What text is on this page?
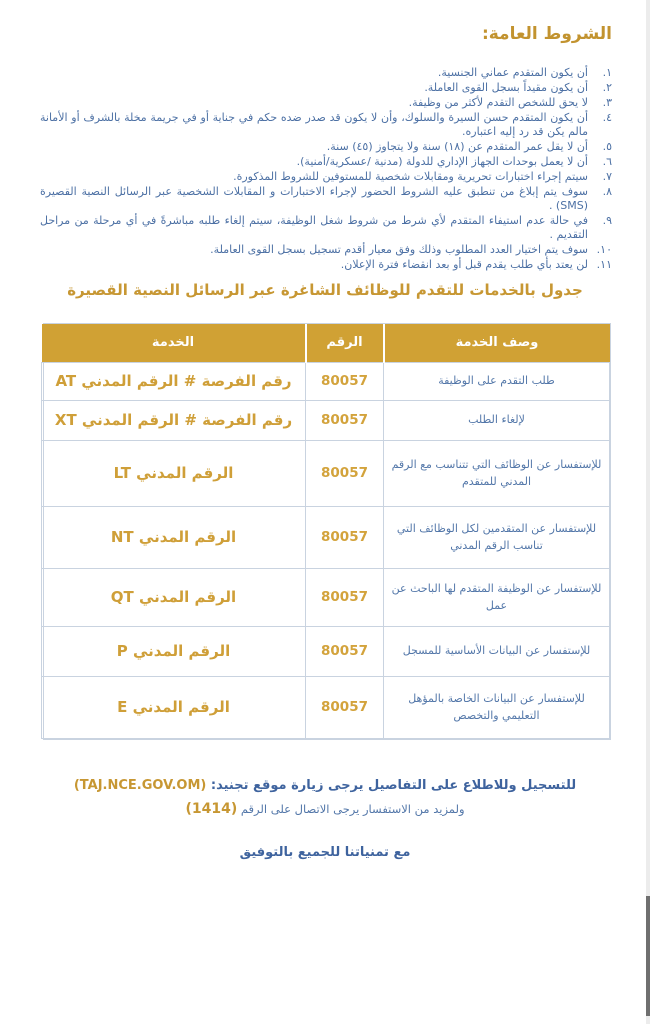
الشروط العامة:
١.
أن يكون المتقدم عماني الجنسية.
٢.
أن يكون مقيداً بسجل القوى العاملة.
٣.
لا يحق للشخص التقدم لأكثر من وظيفة.
٤.
أن يكون المتقدم حسن السيرة والسلوك، وأن لا يكون قد صدر ضده حكم في جناية أو في جريمة مخلة بالشرف أو الأمانة مالم يكن قد رد إليه اعتباره.
٥.
أن لا يقل عمر المتقدم عن (١٨) سنة ولا يتجاوز (٤٥) سنة.
٦.
أن لا يعمل بوحدات الجهاز الإداري للدولة (مدنية /عسكرية/أمنية).
٧.
سيتم إجراء اختبارات تحريرية ومقابلات شخصية للمستوفين للشروط المذكورة.
٨.
سوف يتم إبلاغ من تنطبق عليه الشروط الحضور لإجراء الاختبارات و المقابلات الشخصية عبر الرسائل النصية القصيرة (SMS) .
٩.
في حالة عدم استيفاء المتقدم لأي شرط من شروط شغل الوظيفة، سيتم إلغاء طلبه مباشرةً في أي مرحلة من مراحل التقديم .
١٠.
سوف يتم اختيار العدد المطلوب وذلك وفق معيار أقدم تسجيل بسجل القوى العاملة.
١١.
لن يعتد بأي طلب يقدم قبل أو بعد انقضاء فترة الإعلان.
جدول بالخدمات للتقدم للوظائف الشاغرة عبر الرسائل النصية القصيرة
وصف الخدمة	الرقم	الخدمة
طلب التقدم على الوظيفة	80057	رقم الفرصة # الرقم المدني AT
لإلغاء الطلب	80057	رقم الفرصة # الرقم المدني XT
للإستفسار عن الوظائف التي تتناسب مع الرقم المدني للمتقدم	80057	الرقم المدني LT
للإستفسار عن المتقدمين لكل الوظائف التي تناسب الرقم المدني	80057	الرقم المدني NT
للإستفسار عن الوظيفة المتقدم لها الباحث عن عمل	80057	الرقم المدني QT
للإستفسار عن البيانات الأساسية للمسجل	80057	الرقم المدني P
للإستفسار عن البيانات الخاصة بالمؤهل التعليمي والتخصص	80057	الرقم المدني E

للتسجيل وللاطلاع على التفاصيل يرجى زيارة موقع تجنيد: (TAJ.NCE.GOV.OM)

ولمزيد من الاستفسار يرجى الاتصال على الرقم (1414)

مع تمنياتنا للجميع بالتوفيق
